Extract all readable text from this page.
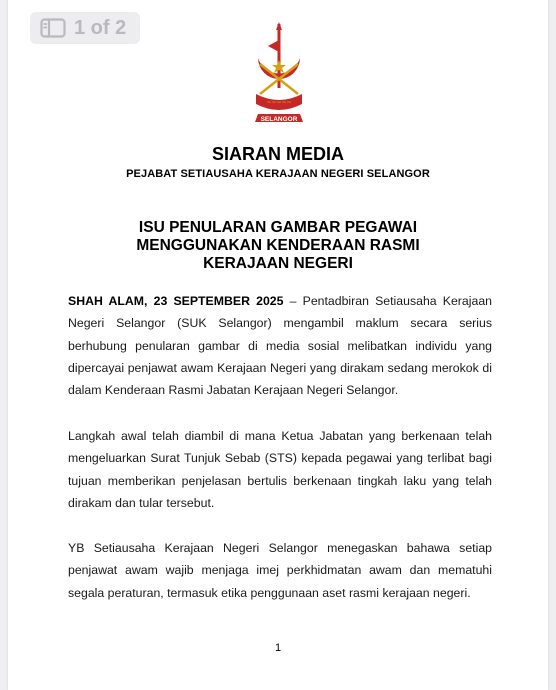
1 of 2
~~~~~
SELANGOR
SIARAN MEDIA
PEJABAT SETIAUSAHA KERAJAAN NEGERI SELANGOR
ISU PENULARAN GAMBAR PEGAWAI MENGGUNAKAN KENDERAAN RASMI KERAJAAN NEGERI

SHAH ALAM, 23 SEPTEMBER 2025 – Pentadbiran Setiausaha Kerajaan Negeri Selangor (SUK Selangor) mengambil maklum secara serius berhubung penularan gambar di media sosial melibatkan individu yang dipercayai penjawat awam Kerajaan Negeri yang dirakam sedang merokok di dalam Kenderaan Rasmi Jabatan Kerajaan Negeri Selangor.

Langkah awal telah diambil di mana Ketua Jabatan yang berkenaan telah mengeluarkan Surat Tunjuk Sebab (STS) kepada pegawai yang terlibat bagi tujuan memberikan penjelasan bertulis berkenaan tingkah laku yang telah dirakam dan tular tersebut.

YB Setiausaha Kerajaan Negeri Selangor menegaskan bahawa setiap penjawat awam wajib menjaga imej perkhidmatan awam dan mematuhi segala peraturan, termasuk etika penggunaan aset rasmi kerajaan negeri.

1
